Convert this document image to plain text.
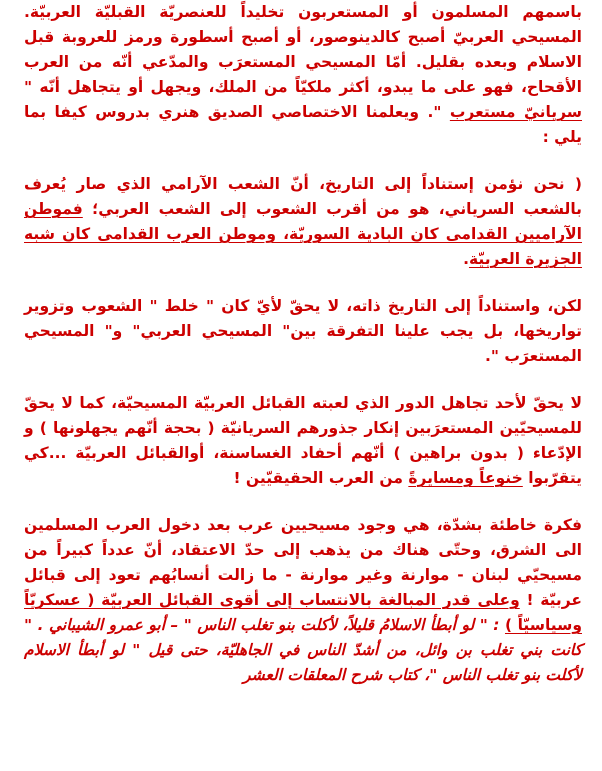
باسمهم المسلمون أو المستعربون تخليداً للعنصريّة القبليّة العربيّة. المسيحي العربيّ أصبح كالدينوصور، أو أصبح أسطورة ورمز للعروبة قبل الاسلام وبعده بقليل. أمّا المسيحي المستعرَب والمدّعي أنّه من العرب الأقحاح، فهو على ما يبدو، أكثر ملكيّاً من الملك، ويجهل أو يتجاهل أنّه " سريانيّ مستعرب ". ويعلمنا الاختصاصي الصديق هنري بدروس كيفا بما يلي :

( نحن نؤمن إستناداً إلى التاريخ، أنّ الشعب الآرامي الذي صار يُعرف بالشعب السرياني، هو من أقرب الشعوب إلى الشعب العربي؛ فموطن الآراميين القدامى كان البادية السوريّة، وموطن العرب القدامى كان شبه الجزيرة العربيّة.

لكن، واستناداً إلى التاريخ ذاته، لا يحقّ لأيّ كان " خلط " الشعوب وتزوير تواريخها، بل يجب علينا التفرقة بين" المسيحي العربي" و" المسيحي المستعرَب ".

لا يحقّ لأحد تجاهل الدور الذي لعبته القبائل العربيّة المسيحيّة، كما لا يحقّ للمسيحيّين المستعرَبين إنكار جذورهم السريانيّة ( بحجة أنّهم يجهلونها ) و الإدّعاء ( بدون براهين ) أنّهم أحفاد الغساسنة، أوالقبائل العربيّة ...كي يتقرّبوا خنوعاً ومسايرةً من العرب الحقيقيّين !

فكرة خاطئة بشدّة، هي وجود مسيحيين عرب بعد دخول العرب المسلمين الى الشرق، وحتّى هناك من يذهب إلى حدّ الاعتقاد، أنّ عدداً كبيراً من مسيحيّي لبنان - موارنة وغير موارنة - ما زالت أنسابُهم تعود إلى قبائل عربيّة ! وعلى قدر المبالغة بالانتساب إلى أقوى القبائل العربيّة ( عسكريّاً وسياسيّاً ) : " لو أبطأ الاسلامُ قليلاً، لأكلت بنو تغلب الناس " – أبو عمرو الشيباني . " كانت بني تغلب بن وائل، من أشدّ الناس في الجاهليّة، حتى قيل " لو أبطأ الاسلام لأكلت بنو تغلب الناس "، كتاب شرح المعلقات العشر
